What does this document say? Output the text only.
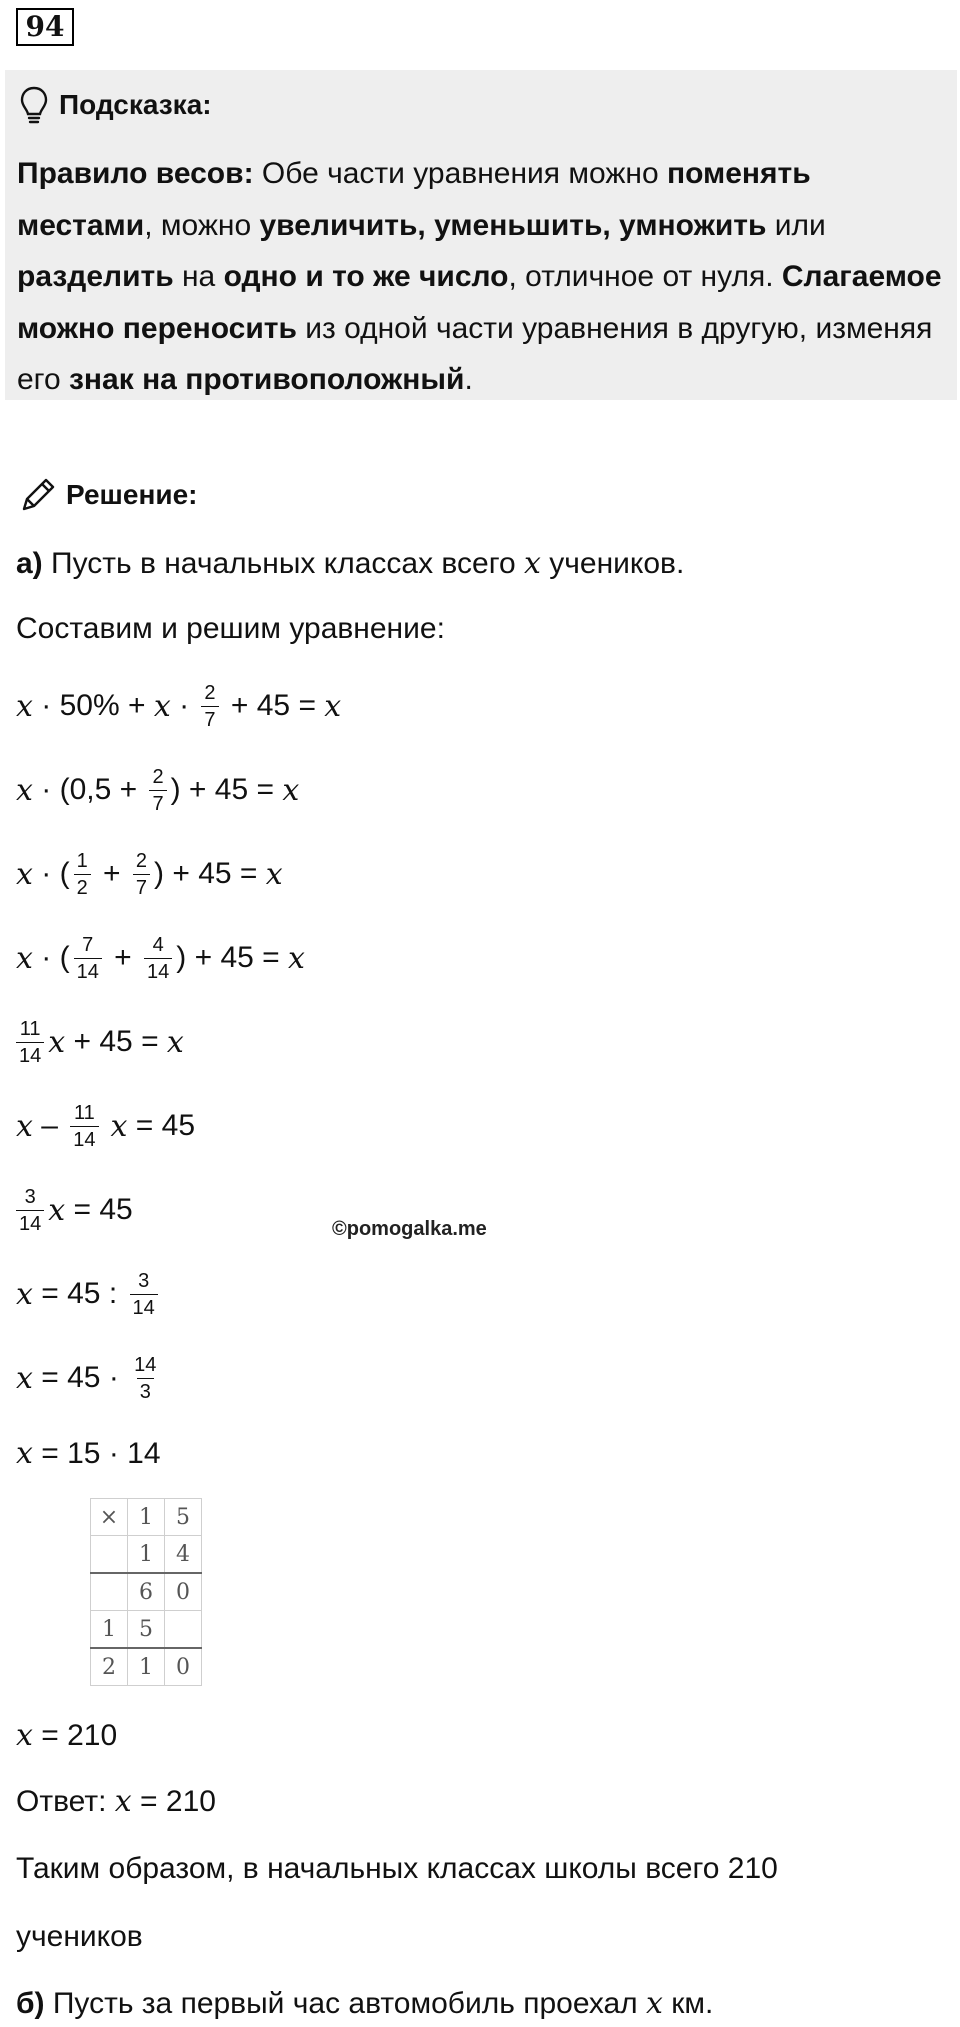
94
Подсказка:
Правило весов: Обе части уравнения можно поменять местами, можно увеличить, уменьшить, умножить или разделить на одно и то же число, отличное от нуля. Слагаемое можно переносить из одной части уравнения в другую, изменяя его знак на противоположный.
Решение:
а) Пусть в начальных классах всего x учеников.
Составим и решим уравнение:
$x \cdot 50\% + x \cdot \frac{2}{7} + 45 = x$
$x \cdot (0,5 + \frac{2}{7}$ ) + 45 = x
x · ( $\frac{1}{2} + \frac{2}{7}$ ) + 45 = x
x · ( $\frac{7}{14} + \frac{4}{14}$ ) + 45 = x
$\frac{11}{14}$ x + 45 = x
x – $\frac{11}{14}$ x = 45
$\frac{3}{14}$ x = 45
©pomogalka.me
x = 45 : $\frac{3}{14}$
$x = 45 \cdot \frac{14}{3}$
x = 15 · 14
×	1	5
	1	4
	6	0
1	5	
2	1	0
x = 210
Ответ: x = 210
Таким образом, в начальных классах школы всего 210
учеников
б) Пусть за первый час автомобиль проехал x км.
